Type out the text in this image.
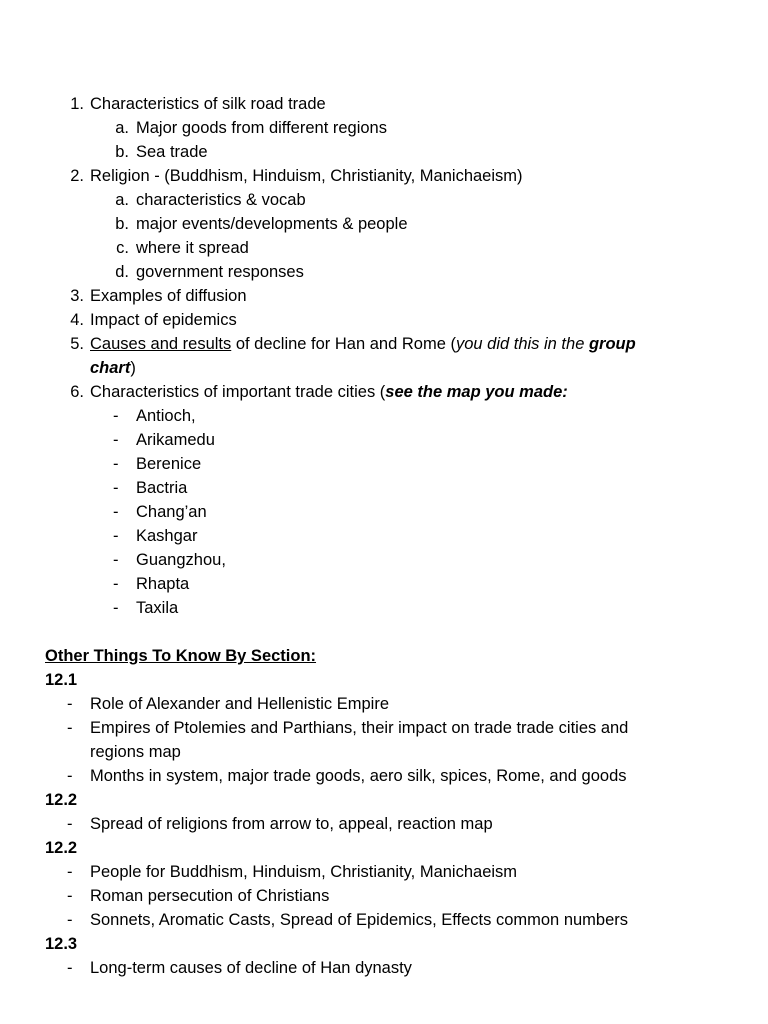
1. Characteristics of silk road trade
a. Major goods from different regions
b. Sea trade
2. Religion - (Buddhism, Hinduism, Christianity, Manichaeism)
a. characteristics & vocab
b. major events/developments & people
c. where it spread
d. government responses
3. Examples of diffusion
4. Impact of epidemics
5. Causes and results of decline for Han and Rome (you did this in the group
chart)
6. Characteristics of important trade cities (see the map you made:
- Antioch,
- Arikamedu
- Berenice
- Bactria
- Chang’an
- Kashgar
- Guangzhou,
- Rhapta
- Taxila
Other Things To Know By Section:
12.1
- Role of Alexander and Hellenistic Empire
- Empires of Ptolemies and Parthians, their impact on trade trade cities and
regions map
- Months in system, major trade goods, aero silk, spices, Rome, and goods
12.2
- Spread of religions from arrow to, appeal, reaction map
12.2
- People for Buddhism, Hinduism, Christianity, Manichaeism
- Roman persecution of Christians
- Sonnets, Aromatic Casts, Spread of Epidemics, Effects common numbers
12.3
- Long-term causes of decline of Han dynasty
